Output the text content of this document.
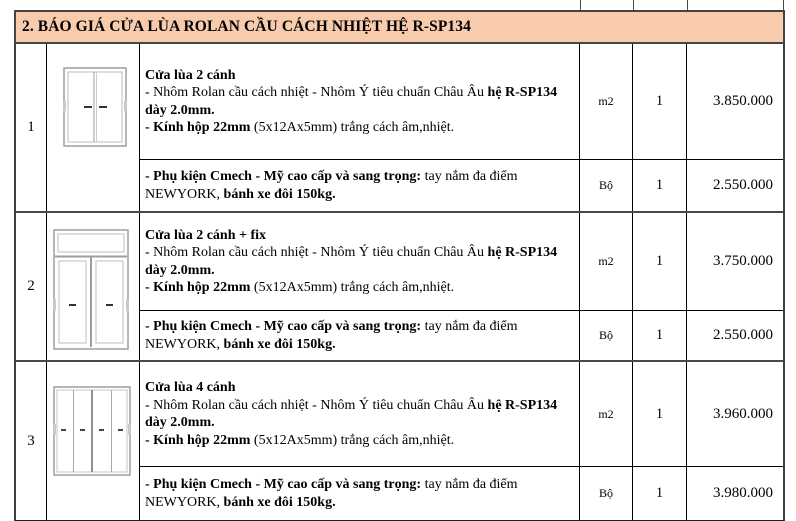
2. BÁO GIÁ CỬA LÙA ROLAN CẦU CÁCH NHIỆT HỆ R-SP134
1
Cửa lùa 2 cánh
- Nhôm Rolan cầu cách nhiệt - Nhôm Ý tiêu chuẩn Châu Âu hệ R-SP134 dày 2.0mm.
- Kính hộp 22mm (5x12Ax5mm) trắng cách âm,nhiệt.
m2	1	3.850.000
- Phụ kiện Cmech - Mỹ cao cấp và sang trọng: tay nắm đa điểm NEWYORK, bánh xe đôi 150kg.
Bộ	1	2.550.000
2
Cửa lùa 2 cánh + fix
- Nhôm Rolan cầu cách nhiệt - Nhôm Ý tiêu chuẩn Châu Âu hệ R-SP134 dày 2.0mm.
- Kính hộp 22mm (5x12Ax5mm) trắng cách âm,nhiệt.
m2	1	3.750.000
- Phụ kiện Cmech - Mỹ cao cấp và sang trọng: tay nắm đa điểm NEWYORK, bánh xe đôi 150kg.
Bộ	1	2.550.000
3
Cửa lùa 4 cánh
- Nhôm Rolan cầu cách nhiệt - Nhôm Ý tiêu chuẩn Châu Âu hệ R-SP134 dày 2.0mm.
- Kính hộp 22mm (5x12Ax5mm) trắng cách âm,nhiệt.
m2	1	3.960.000
- Phụ kiện Cmech - Mỹ cao cấp và sang trọng: tay nắm đa điểm NEWYORK, bánh xe đôi 150kg.
Bộ	1	3.980.000
